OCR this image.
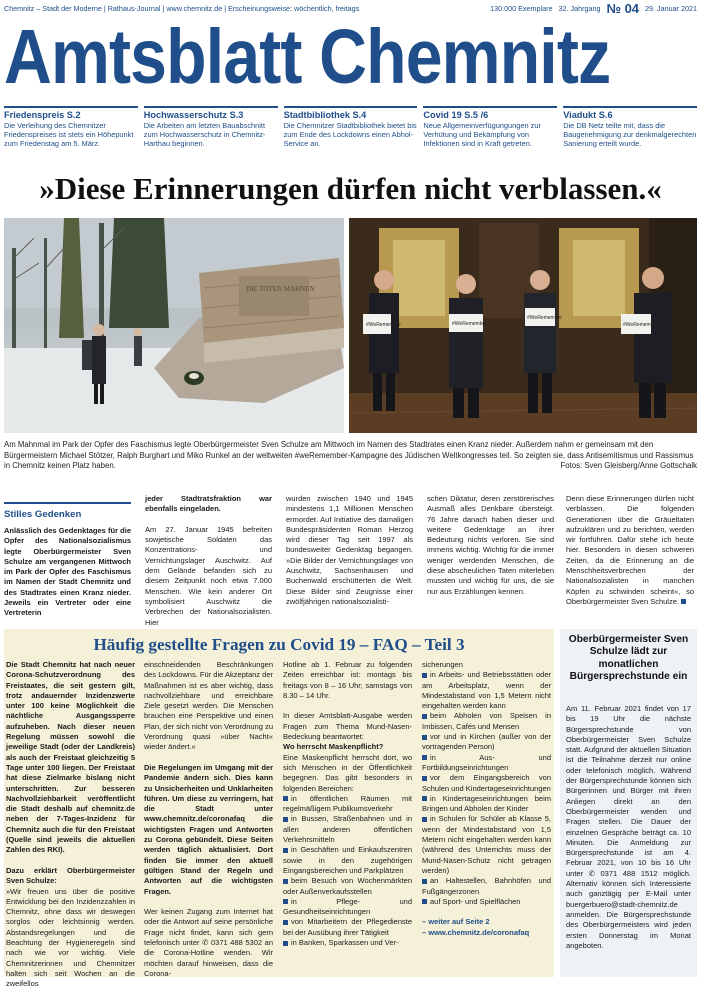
Chemnitz – Stadt der Moderne | Rathaus-Journal | www.chemnitz.de | Erscheinungsweise: wöchentlich, freitags	130.000 Exemplare 32. Jahrgang № 04 29. Januar 2021
Amtsblatt Chemnitz
Friedenspreis S.2
Die Verleihung des Chemnitzer Friedenspreises ist stets ein Höhepunkt zum Friedenstag am 5. März.
Hochwasserschutz S.3
Die Arbeiten am letzten Bauabschnitt zum Hochwasserschutz in Chemnitz-Harthau beginnen.
Stadtbibliothek S.4
Die Chemnitzer Stadtbibliothek bietet bis zum Ende des Lockdowns einen Abhol-Service an.
Covid 19 S.5 /6
Neue Allgemeinverfügungungen zur Verhütung und Bekämpfung von Infektionen sind in Kraft getreten.
Viadukt S.6
Die DB Netz teilte mit, dass die Baugenehmigung zur denkmalgerechten Sanierung erteilt wurde.
»Diese Erinnerungen dürfen nicht verblassen.«
DIE TOTEN MAHNEN
#WeRemember	#WeRemember
#WeRemember
#WeRemember
Am Mahnmal im Park der Opfer des Faschismus legte Oberbürgermeister Sven Schulze am Mittwoch im Namen des Stadtrates einen Kranz nieder. Außerdem nahm er gemeinsam mit den Bürgermeistern Michael Stötzer, Ralph Burghart und Miko Runkel an der weltweiten #weRemember-Kampagne des Jüdischen Weltkongresses teil. So zeigten sie, dass Antisemitismus und Rassismus in Chemnitz keinen Platz haben.	Fotos: Sven Gleisberg/Anne Gottschalk
Stilles Gedenken
Anlässlich des Gedenktages für die Opfer des Nationalsozialismus legte Oberbürgermeister Sven Schulze am vergangenen Mittwoch im Park der Opfer des Faschismus im Namen der Stadt Chemnitz und des Stadtrates einen Kranz nieder. Jeweils ein Vertreter oder eine Vertreterin
jeder Stadtratsfraktion war ebenfalls eingeladen.

Am 27. Januar 1945 befreiten sowjetische Soldaten das Konzentrations- und Vernichtungslager Auschwitz. Auf dem Gelände befanden sich zu diesem Zeitpunkt noch etwa 7.000 Menschen. Wie kein anderer Ort symbolisiert Auschwitz die Verbrechen der Nationalsozialisten. Hier
wurden zwischen 1940 und 1945 mindestens 1,1 Millionen Menschen ermordet. Auf Initiative des damaligen Bundespräsidenten Roman Herzog wird dieser Tag seit 1997 als bundesweiter Gedenktag begangen. »Die Bilder der Vernichtungslager von Auschwitz, Sachsenhausen und Buchenwald erschütterten die Welt. Diese Bilder sind Zeugnisse einer zwölfjährigen nationalsozialisti-
schen Diktatur, deren zerstörerisches Ausmaß alles Denkbare übersteigt. 76 Jahre danach haben dieser und weitere Gedenktage an ihrer Bedeutung nichts verloren. Sie sind immens wichtig. Wichtig für die immer weniger werdenden Menschen, die diese abscheulichen Taten miterleben mussten und wichtig für uns, die sie nur aus Erzählungen kennen.
Denn diese Erinnerungen dürfen nicht verblassen. Die folgenden Generationen über die Gräueltaten aufzuklären und zu berichten, werden wir fortführen. Dafür stehe ich heute hier. Besonders in diesen schweren Zeiten, da die Erinnerung an die Menschheitsverbrechen der Nationalsozialisten in manchen Köpfen zu schwinden scheint«, so Oberbürgermeister Sven Schulze.
Häufig gestellte Fragen zu Covid 19 – FAQ – Teil 3
Die Stadt Chemnitz hat nach neuer Corona-Schutzverordnung des Freistaates, die seit gestern gilt, trotz andauernder Inzidenzwerte unter 100 keine Möglichkeit die nächtliche Ausgangssperre aufzuheben. Nach dieser neuen Regelung müssen sowohl die jeweilige Stadt (oder der Landkreis) als auch der Freistaat gleichzeitig 5 Tage unter 100 liegen. Der Freistaat hat diese Zielmarke bislang nicht unterschritten. Zur besseren Nachvollziehbarkeit veröffentlicht die Stadt deshalb auf chemnitz.de neben der 7-Tages-Inzidenz für Chemnitz auch die für den Freistaat (Quelle sind jeweils die aktuellen Zahlen des RKI).

Dazu erklärt Oberbürgermeister Sven Schulze:
»Wir freuen uns über die positive Entwicklung bei den Inzidenzzahlen in Chemnitz, ohne dass wir deswegen sorglos oder leichtsinnig werden. Abstandsregelungen und die Beachtung der Hygieneregeln sind nach wie vor wichtig. Viele Chemnitzerinnen und Chemnitzer halten sich seit Wochen an die zweifellos
einschneidenden Beschränkungen des Lockdowns. Für die Akzeptanz der Maßnahmen ist es aber wichtig, dass nachvollziehbare und erreichbare Ziele gesetzt werden. Die Menschen brauchen eine Perspektive und einen Plan, der sich nicht von Verordnung zu Verordnung quasi »über Nacht« wieder ändert.«

Die Regelungen im Umgang mit der Pandemie ändern sich. Dies kann zu Unsicherheiten und Unklarheiten führen. Um diese zu verringern, hat die Stadt unter www.chemnitz.de/coronafaq die wichtigsten Fragen und Antworten zu Corona gebündelt. Diese Seiten werden täglich aktualisiert. Dort finden Sie immer den aktuell gültigen Stand der Regeln und Antworten auf die wichtigsten Fragen.

Wer keinen Zugang zum Internet hat oder die Antwort auf seine persönliche Frage nicht findet, kann sich gern telefonisch unter ✆ 0371 488 5302 an die Corona-Hotline wenden. Wir möchten darauf hinweisen, dass die Corona-
Hotline ab 1. Februar zu folgenden Zeiten erreichbar ist: montags bis freitags von 8 – 16 Uhr; samstags von 8.30 – 14 Uhr.

In dieser Amtsblatt-Ausgabe werden Fragen zum Thema Mund-Nasen-Bedeckung beantwortet:
Wo herrscht Maskenpflicht?
Eine Maskenpflicht herrscht dort, wo sich Menschen in der Öffentlichkeit begegnen. Das gibt besonders in folgenden Bereichen:
in öffentlichen Räumen mit regelmäßigem Publikumsverkehr
in Bussen, Straßenbahnen und in allen anderen öffentlichen Verkehrsmitteln
in Geschäften und Einkaufszentren sowie in den zugehörigen Eingangsbereichen und Parkplätzen
beim Besuch von Wochenmärkten oder Außenverkaufsstellen
in Pflege- und Gesundheitseinrichtungen
von Mitarbeitern der Pflegedienste bei der Ausübung ihrer Tätigkeit
in Banken, Sparkassen und Ver-
sicherungen
in Arbeits- und Betriebsstätten oder am Arbeitsplatz, wenn der Mindestabstand von 1,5 Metern nicht eingehalten werden kann
beim Abholen von Speisen in Imbissen, Cafés und Mensen
vor und in Kirchen (außer von der vortragenden Person)
in Aus- und Fortbildungseinrichtungen
vor dem Eingangsbereich von Schulen und Kindertageseinrichtungen
in Kindertageseinrichtungen beim Bringen und Abholen der Kinder
in Schulen für Schüler ab Klasse 5, wenn der Mindestabstand von 1,5 Metern nicht eingehalten werden kann (während des Unterrichts muss der Mund-Nasen-Schutz nicht getragen werden)
an Haltestellen, Bahnhöfen und Fußgängerzonen
auf Sport- und Spielflächen

– weiter auf Seite 2
– www.chemnitz.de/coronafaq
Oberbürgermeister Sven Schulze lädt zur monatlichen Bürgersprechstunde ein
Am 11. Februar 2021 findet von 17 bis 19 Uhr die nächste Bürgersprechstunde von Oberbürgermeister Sven Schulze statt. Aufgrund der aktuellen Situation ist die Teilnahme derzeit nur online oder telefonisch möglich. Während der Bürgersprechstunde können sich Bürgerinnen und Bürger mit ihren Anliegen direkt an den Oberbürgermeister wenden und Fragen stellen. Die Dauer der einzelnen Gespräche beträgt ca. 10 Minuten. Die Anmeldung zur Bürgersprechstunde ist am 4. Februar 2021, von 10 bis 16 Uhr unter ✆ 0371 488 1512 möglich. Alternativ können sich Interessierte auch ganztägig per E-Mail unter buergerbuero@stadt-chemnitz.de anmelden. Die Bürgersprechstunde des Oberbürgermeisters wird jeden ersten Donnerstag im Monat angeboten.
